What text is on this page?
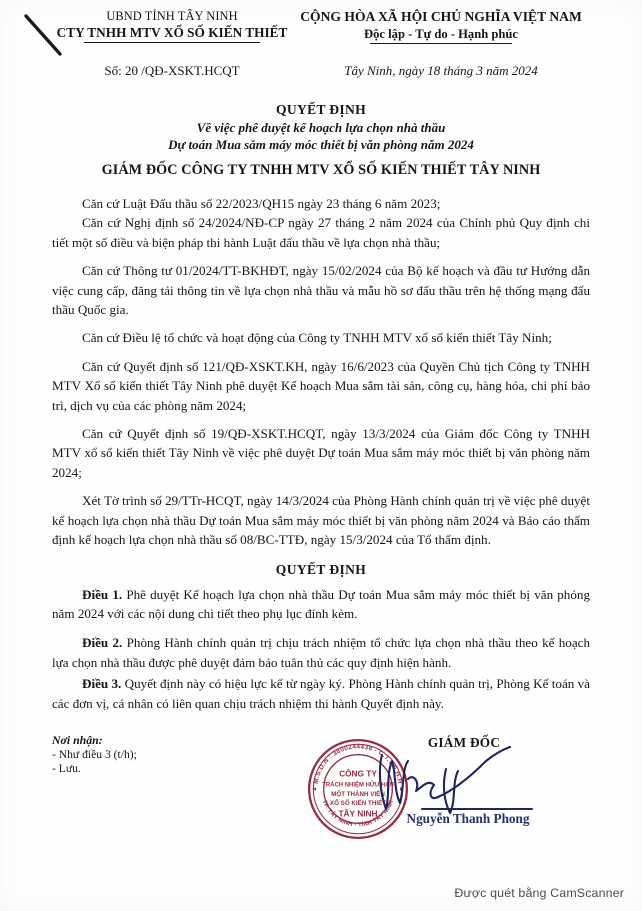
UBND TỈNH TÂY NINH
CTY TNHH MTV XỔ SỐ KIẾN THIẾT
CỘNG HÒA XÃ HỘI CHỦ NGHĨA VIỆT NAM
Độc lập - Tự do - Hạnh phúc
Số: 20 /QĐ-XSKT.HCQT	Tây Ninh, ngày 18 tháng 3 năm 2024
QUYẾT ĐỊNH
Về việc phê duyệt kế hoạch lựa chọn nhà thầu
Dự toán Mua sắm máy móc thiết bị văn phòng năm 2024
GIÁM ĐỐC CÔNG TY TNHH MTV XỔ SỐ KIẾN THIẾT TÂY NINH

Căn cứ Luật Đấu thầu số 22/2023/QH15 ngày 23 tháng 6 năm 2023;

Căn cứ Nghị định số 24/2024/NĐ-CP ngày 27 tháng 2 năm 2024 của Chính phủ Quy định chi tiết một số điều và biện pháp thi hành Luật đấu thầu về lựa chọn nhà thầu;

Căn cứ Thông tư 01/2024/TT-BKHĐT, ngày 15/02/2024 của Bộ kế hoạch và đầu tư Hướng dẫn việc cung cấp, đăng tải thông tin về lựa chọn nhà thầu và mẫu hồ sơ đấu thầu trên hệ thống mạng đấu thầu Quốc gia.

Căn cứ Điều lệ tổ chức và hoạt động của Công ty TNHH MTV xổ số kiến thiết Tây Ninh;

Căn cứ Quyết định số 121/QĐ-XSKT.KH, ngày 16/6/2023 của Quyền Chủ tịch Công ty TNHH MTV Xổ số kiến thiết Tây Ninh phê duyệt Kế hoạch Mua sắm tài sản, công cụ, hàng hóa, chi phí bảo trì, dịch vụ của các phòng năm 2024;

Căn cứ Quyết định số 19/QĐ-XSKT.HCQT, ngày 13/3/2024 của Giám đốc Công ty TNHH MTV xổ số kiến thiết Tây Ninh về việc phê duyệt Dự toán Mua sắm máy móc thiết bị văn phòng năm 2024;

Xét Tờ trình số 29/TTr-HCQT, ngày 14/3/2024 của Phòng Hành chính quản trị về việc phê duyệt kế hoạch lựa chọn nhà thầu Dự toán Mua sắm máy móc thiết bị văn phòng năm 2024 và Báo cáo thẩm định kế hoạch lựa chọn nhà thầu số 08/BC-TTĐ, ngày 15/3/2024 của Tổ thẩm định.

QUYẾT ĐỊNH

Điều 1. Phê duyệt Kế hoạch lựa chọn nhà thầu Dự toán Mua sắm máy móc thiết bị văn phóng năm 2024 với các nội dung chi tiết theo phụ lục đính kèm.

Điều 2. Phòng Hành chính quản trị chịu trách nhiệm tổ chức lựa chọn nhà thầu theo kế hoạch lựa chọn nhà thầu được phê duyệt đảm bảo tuân thủ các quy định hiện hành.

Điều 3. Quyết định này có hiệu lực kể từ ngày ký. Phòng Hành chính quản trị, Phòng Kế toán và các đơn vị, cá nhân có liên quan chịu trách nhiệm thi hành Quyết định này.

Nơi nhận:
- Như điều 3 (t/h);
- Lưu.
M.S.D.N : 3800244438 - C.T.T.N.H.H
TP. TÂY NINH - TỈNH TÂY NINH
CÔNG TY
TRÁCH NHIỆM HỮU HẠN
MỘT THÀNH VIÊN
XỔ SỐ KIẾN THIẾT
TÂY NINH
GIÁM ĐỐC
Nguyễn Thanh Phong
Được quét bằng CamScanner
